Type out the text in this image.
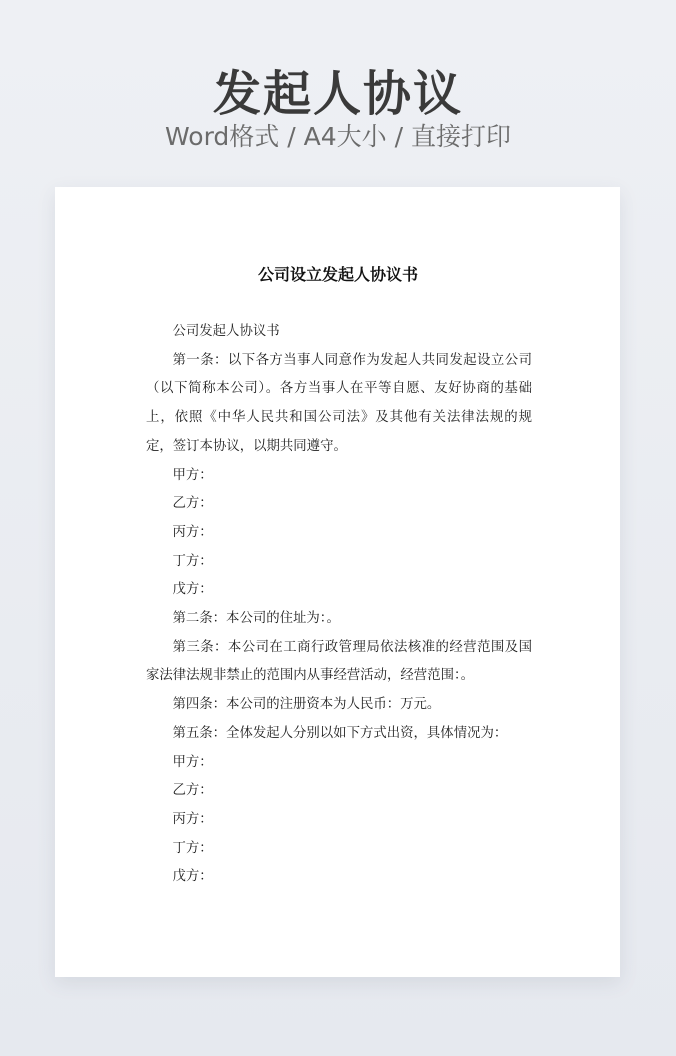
发起人协议
Word格式 / A4大小 / 直接打印
公司设立发起人协议书

公司发起人协议书

第一条：以下各方当事人同意作为发起人共同发起设立公司（以下简称本公司）。各方当事人在平等自愿、友好协商的基础上，依照《中华人民共和国公司法》及其他有关法律法规的规定，签订本协议，以期共同遵守。

甲方：

乙方：

丙方：

丁方：

戊方：

第二条：本公司的住址为：。

第三条：本公司在工商行政管理局依法核准的经营范围及国家法律法规非禁止的范围内从事经营活动，经营范围：。

第四条：本公司的注册资本为人民币：万元。

第五条：全体发起人分别以如下方式出资，具体情况为：

甲方：

乙方：

丙方：

丁方：

戊方：
